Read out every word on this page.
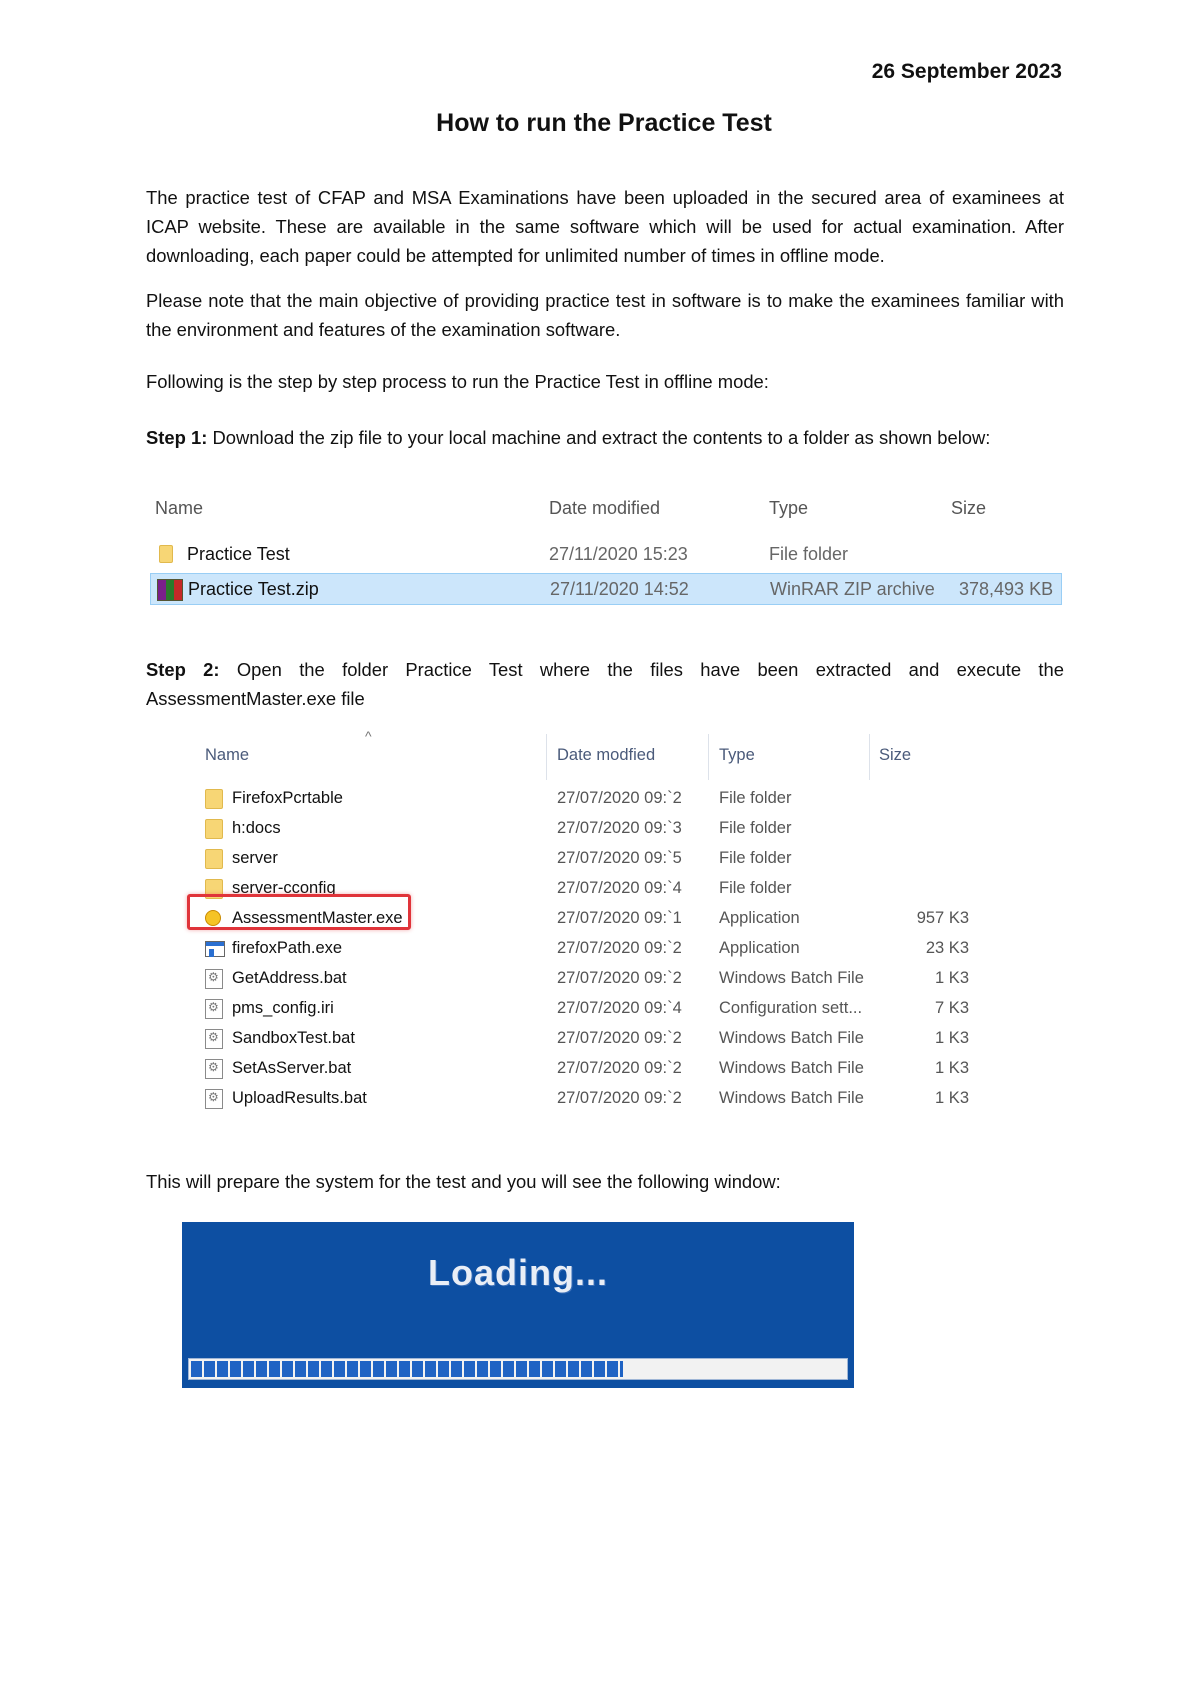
26 September 2023
How to run the Practice Test
The practice test of CFAP and MSA Examinations have been uploaded in the secured area of examinees at ICAP website. These are available in the same software which will be used for actual examination. After downloading, each paper could be attempted for unlimited number of times in offline mode.
Please note that the main objective of providing practice test in software is to make the examinees familiar with the environment and features of the examination software.
Following is the step by step process to run the Practice Test in offline mode:
Step 1: Download the zip file to your local machine and extract the contents to a folder as shown below:
Name	Date modified	Type	Size
Practice Test	27/11/2020 15:23	File folder
Practice Test.zip	27/11/2020 14:52	WinRAR ZIP archive 378,493 KB
Step 2: Open the folder Practice Test where the files have been extracted and execute the AssessmentMaster.exe file
^
Name	Date modfied	Type	Size
FirefoxPcrtable	27/07/2020 09:`2 File folder
h:docs	27/07/2020 09:`3 File folder
server	27/07/2020 09:`5 File folder
server-cconfig	27/07/2020 09:`4 File folder
AssessmentMaster.exe	27/07/2020 09:`1 Application	957 K3
firefoxPath.exe	27/07/2020 09:`2 Application	23 K3
⚙
GetAddress.bat	27/07/2020 09:`2 Windows Batch File	1 K3
⚙
pms_config.iri	27/07/2020 09:`4 Configuration sett...	7 K3
⚙
SandboxTest.bat	27/07/2020 09:`2 Windows Batch File	1 K3
⚙
SetAsServer.bat	27/07/2020 09:`2 Windows Batch File	1 K3
⚙
UploadResults.bat	27/07/2020 09:`2 Windows Batch File	1 K3
This will prepare the system for the test and you will see the following window:
Loading...
